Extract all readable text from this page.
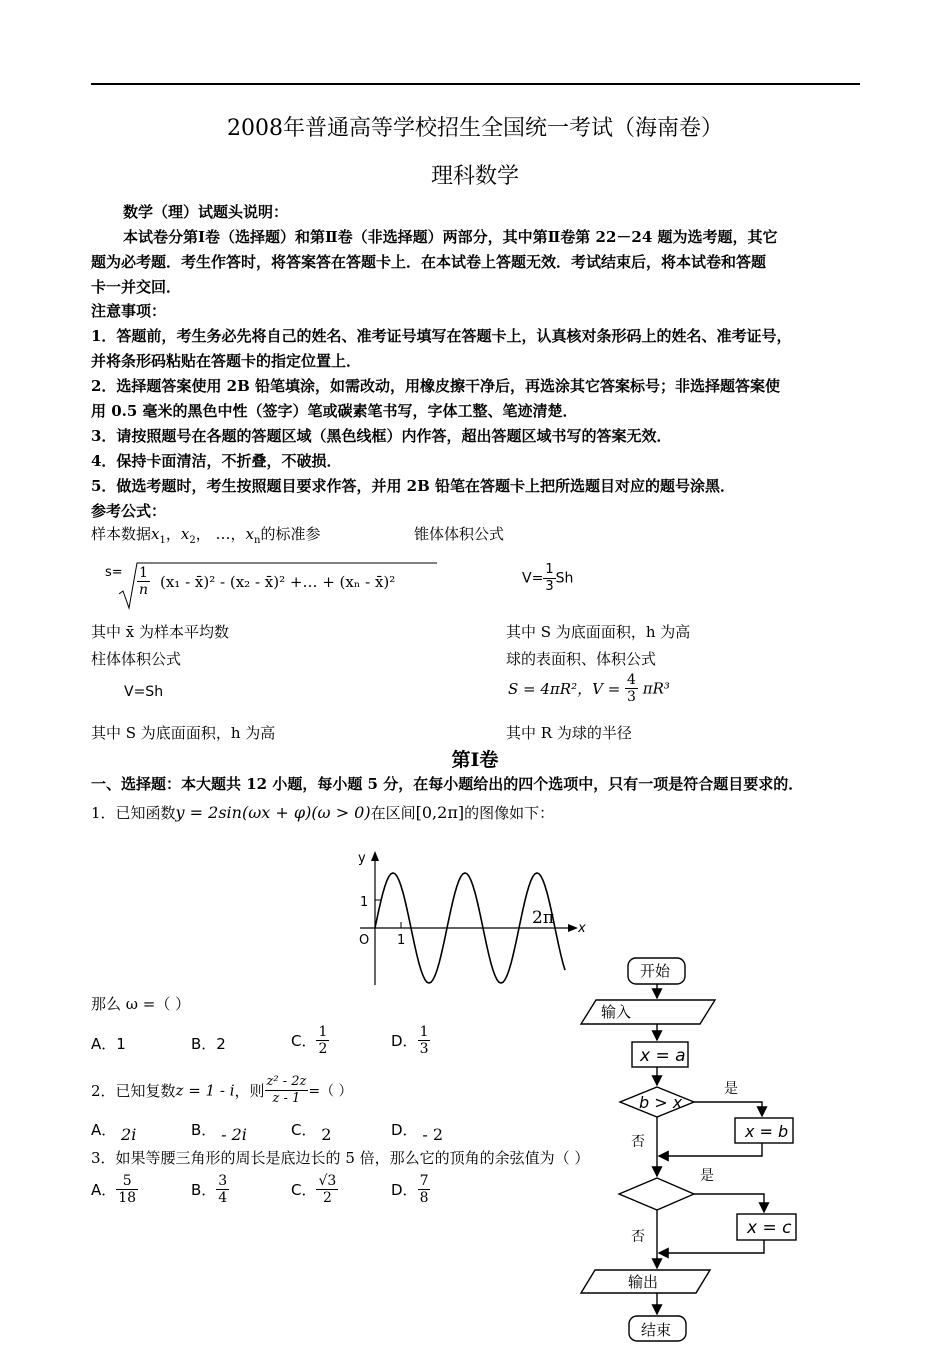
2008年普通高等学校招生全国统一考试（海南卷）
理科数学
数学（理）试题头说明：
本试卷分第Ⅰ卷（选择题）和第Ⅱ卷（非选择题）两部分，其中第Ⅱ卷第 22－24 题为选考题，其它
题为必考题．考生作答时，将答案答在答题卡上．在本试卷上答题无效．考试结束后，将本试卷和答题
卡一并交回．
注意事项：
1．答题前，考生务必先将自己的姓名、准考证号填写在答题卡上，认真核对条形码上的姓名、准考证号，
并将条形码粘贴在答题卡的指定位置上．
2．选择题答案使用 2B 铅笔填涂，如需改动，用橡皮擦干净后，再选涂其它答案标号；非选择题答案使
用 0.5 毫米的黑色中性（签字）笔或碳素笔书写，字体工整、笔迹清楚．
3．请按照题号在各题的答题区域（黑色线框）内作答，超出答题区域书写的答案无效．
4．保持卡面清洁，不折叠，不破损．
5．做选考题时，考生按照题目要求作答，并用 2B 铅笔在答题卡上把所选题目对应的题号涂黑．
参考公式：
样本数据$x_1$，$x_2$， …，$x_n$的标准参	锥体体积公式
$s= \frac{1}{n} (x_1$ - x̄)² - (x₂ - x̄)² +… + (xₙ - x̄)²	$V= \frac{1}{3}$ Sh
其中 x̄ 为样本平均数	其中 S 为底面面积，h 为高
柱体体积公式	球的表面积、体积公式
V=Sh	S = 4πR²，$V = \frac{4}{3} \pi R^3$
其中 S 为底面面积，h 为高	其中 R 为球的半径
第Ⅰ卷
一、选择题：本大题共 12 小题，每小题 5 分，在每小题给出的四个选项中，只有一项是符合题目要求的．
1．已知函数y = 2sin(ωx + φ)(ω > 0)在区间[0,2π]的图像如下：
y
x
O
1
1
2π
那么 ω =（ ）
A．1	B．2	C． $\frac{1}{2}$	D． $\frac{1}{3}$
2．已知复数z = 1 - i，则 $\frac{\text{z² - 2z}}{z - 1}$ =（ ）
A． 2i	B． - 2i	C． 2	D． - 2
3．如果等腰三角形的周长是底边长的 5 倍，那么它的顶角的余弦值为（ ）
A． $\frac{5}{18}$	B． $\frac{3}{4}$	C． $\frac{√3}{2}$	D． $\frac{7}{8}$
开始
输入
x = a
b > x
是
否
x = b
是
否	x = c
输出
结束
